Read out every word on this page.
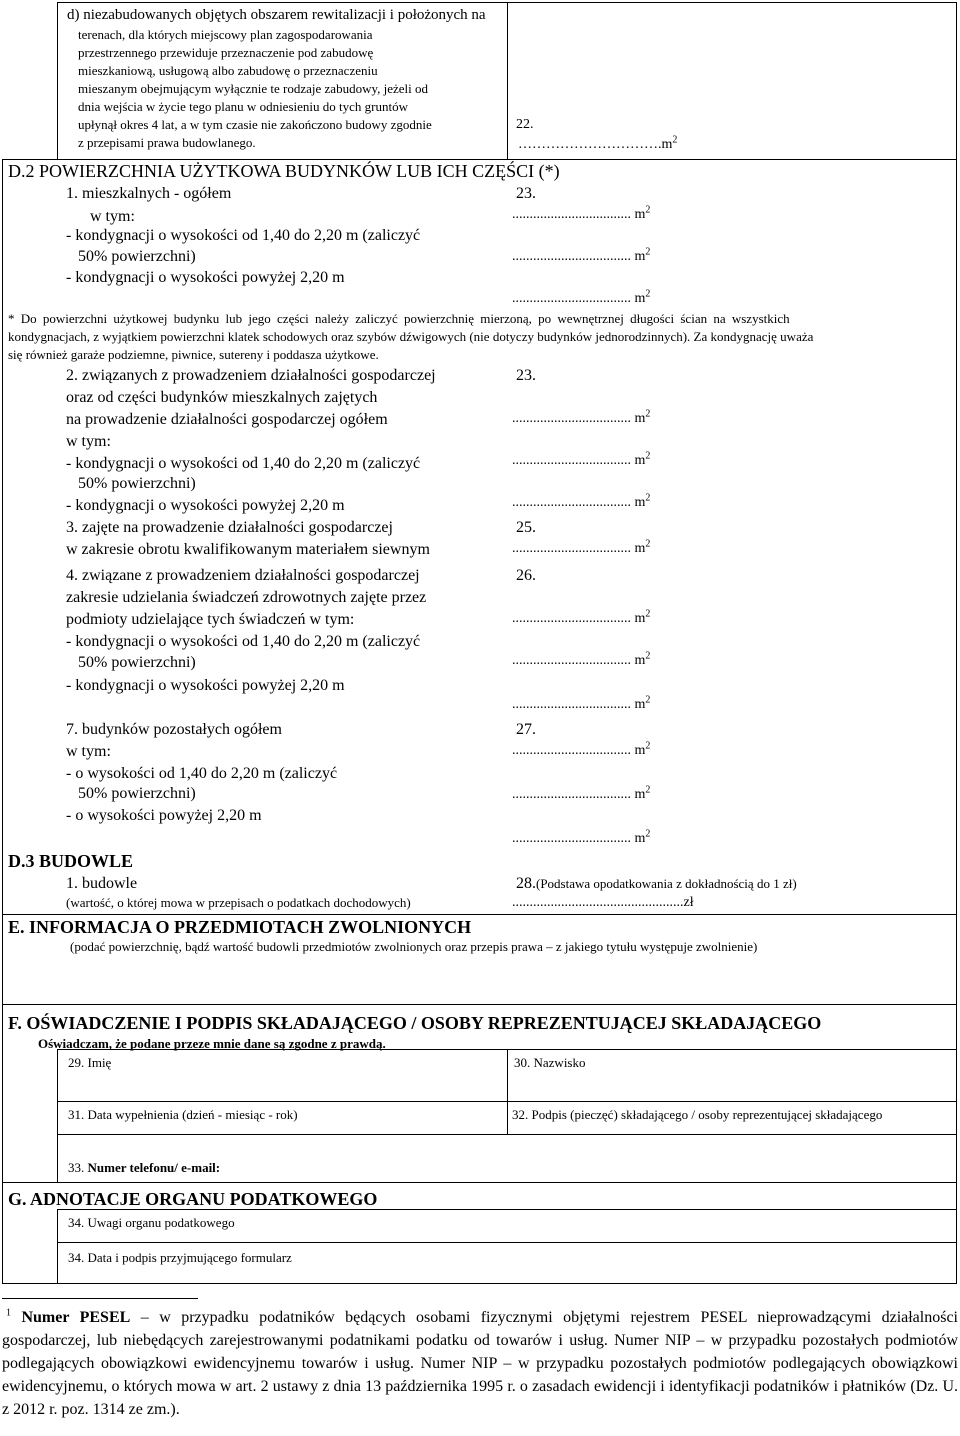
d) niezabudowanych objętych obszarem rewitalizacji i położonych na
terenach, dla których miejscowy plan zagospodarowania
przestrzennego przewiduje przeznaczenie pod zabudowę
mieszkaniową, usługową albo zabudowę o przeznaczeniu
mieszanym obejmującym wyłącznie te rodzaje zabudowy, jeżeli od
dnia wejścia w życie tego planu w odniesieniu do tych gruntów
upłynął okres 4 lat, a w tym czasie nie zakończono budowy zgodnie
z przepisami prawa budowlanego.
22.
$\dots\dots\dots\dots\dots\dots\dots\dots\dots\dots.m^2$
D.2 POWIERZCHNIA UŻYTKOWA BUDYNKÓW LUB ICH CZĘŚCI (*)
1. mieszkalnych - ogółem
w tym:
- kondygnacji o wysokości od 1,40 do 2,20 m (zaliczyć
50% powierzchni)
- kondygnacji o wysokości powyżej 2,20 m
23.
.................................. $m^2$
.................................. $m^2$
.................................. $m^2$
* Do powierzchni użytkowej budynku lub jego części należy zaliczyć powierzchnię mierzoną, po wewnętrznej długości ścian na wszystkich
kondygnacjach, z wyjątkiem powierzchni klatek schodowych oraz szybów dźwigowych (nie dotyczy budynków jednorodzinnych). Za kondygnację uważa
się również garaże podziemne, piwnice, sutereny i poddasza użytkowe.
2. związanych z prowadzeniem działalności gospodarczej
oraz od części budynków mieszkalnych zajętych
na prowadzenie działalności gospodarczej ogółem
w tym:
- kondygnacji o wysokości od 1,40 do 2,20 m (zaliczyć
50% powierzchni)
- kondygnacji o wysokości powyżej 2,20 m
23.
.................................. $m^2$
.................................. $m^2$
.................................. $m^2$
3. zajęte na prowadzenie działalności gospodarczej
w zakresie obrotu kwalifikowanym materiałem siewnym
25.
.................................. $m^2$
4. związane z prowadzeniem działalności gospodarczej
zakresie udzielania świadczeń zdrowotnych zajęte przez
podmioty udzielające tych świadczeń w tym:
- kondygnacji o wysokości od 1,40 do 2,20 m (zaliczyć
50% powierzchni)
- kondygnacji o wysokości powyżej 2,20 m
26.
.................................. $m^2$
.................................. $m^2$
.................................. $m^2$
7. budynków pozostałych ogółem
w tym:
- o wysokości od 1,40 do 2,20 m (zaliczyć
50% powierzchni)
- o wysokości powyżej 2,20 m
27.
.................................. $m^2$
.................................. $m^2$
.................................. $m^2$
D.3 BUDOWLE
1. budowle
(wartość, o której mowa w przepisach o podatkach dochodowych)
28.(Podstawa opodatkowania z dokładnością do 1 zł)
.................................................zł
E. INFORMACJA O PRZEDMIOTACH ZWOLNIONYCH
(podać powierzchnię, bądź wartość budowli przedmiotów zwolnionych oraz przepis prawa – z jakiego tytułu występuje zwolnienie)
F. OŚWIADCZENIE I PODPIS SKŁADAJĄCEGO / OSOBY REPREZENTUJĄCEJ SKŁADAJĄCEGO
Oświadczam, że podane przeze mnie dane są zgodne z prawdą.
29. Imię	30. Nazwisko
31. Data wypełnienia (dzień - miesiąc - rok)	32. Podpis (pieczęć) składającego / osoby reprezentującej składającego
33. Numer telefonu/ e-mail:
G. ADNOTACJE ORGANU PODATKOWEGO
34. Uwagi organu podatkowego
34. Data i podpis przyjmującego formularz
$^1$ Numer PESEL – w przypadku podatników będących osobami fizycznymi objętymi rejestrem PESEL nieprowadzącymi działalności gospodarczej, lub niebędących zarejestrowanymi podatnikami podatku od towarów i usług. Numer NIP – w przypadku pozostałych podmiotów podlegających obowiązkowi ewidencyjnemu towarów i usług. Numer NIP – w przypadku pozostałych podmiotów podlegających obowiązkowi ewidencyjnemu, o których mowa w art. 2 ustawy z dnia 13 października 1995 r. o zasadach ewidencji i identyfikacji podatników i płatników (Dz. U. z 2012 r. poz. 1314 ze zm.).
